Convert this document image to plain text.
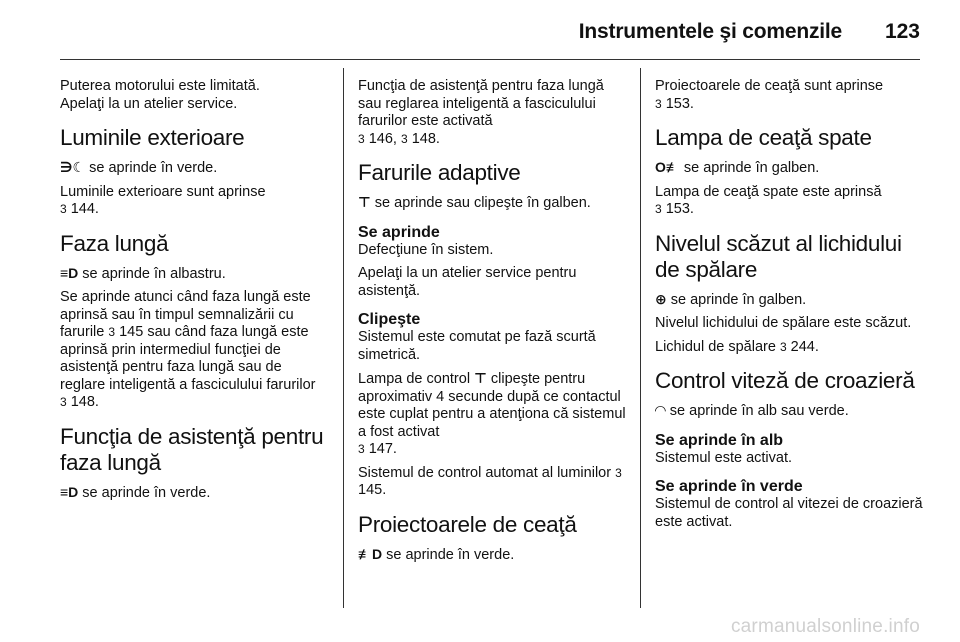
Instrumentele şi comenzile 123

Puterea motorului este limitată.
Apelaţi la un atelier service.

Luminile exterioare

∋☾ se aprinde în verde.

Luminile exterioare sunt aprinse
3 144.

Faza lungă

≡D se aprinde în albastru.

Se aprinde atunci când faza lungă este aprinsă sau în timpul semnalizării cu farurile 3 145 sau când faza lungă este aprinsă prin intermediul funcţiei de asistenţă pentru faza lungă sau de reglare inteligentă a fasciculului farurilor
3 148.

Funcţia de asistenţă pentru faza lungă

≡D se aprinde în verde.

Funcţia de asistenţă pentru faza lungă sau reglarea inteligentă a fasciculului farurilor este activată
3 146, 3 148.

Farurile adaptive

⊤ se aprinde sau clipeşte în galben.

Se aprinde

Defecţiune în sistem.

Apelaţi la un atelier service pentru asistenţă.

Clipeşte

Sistemul este comutat pe fază scurtă simetrică.

Lampa de control ⊤ clipeşte pentru aproximativ 4 secunde după ce contactul este cuplat pentru a atenţiona că sistemul a fost activat
3 147.

Sistemul de control automat al luminilor 3 145.

Proiectoarele de ceaţă

≢D se aprinde în verde.

Proiectoarele de ceaţă sunt aprinse
3 153.

Lampa de ceaţă spate

O≢ se aprinde în galben.

Lampa de ceaţă spate este aprinsă
3 153.

Nivelul scăzut al lichidului de spălare

⊕ se aprinde în galben.

Nivelul lichidului de spălare este scăzut.

Lichidul de spălare 3 244.

Control viteză de croazieră

◠ se aprinde în alb sau verde.

Se aprinde în alb

Sistemul este activat.

Se aprinde în verde

Sistemul de control al vitezei de croazieră este activat.

carmanualsonline.info
